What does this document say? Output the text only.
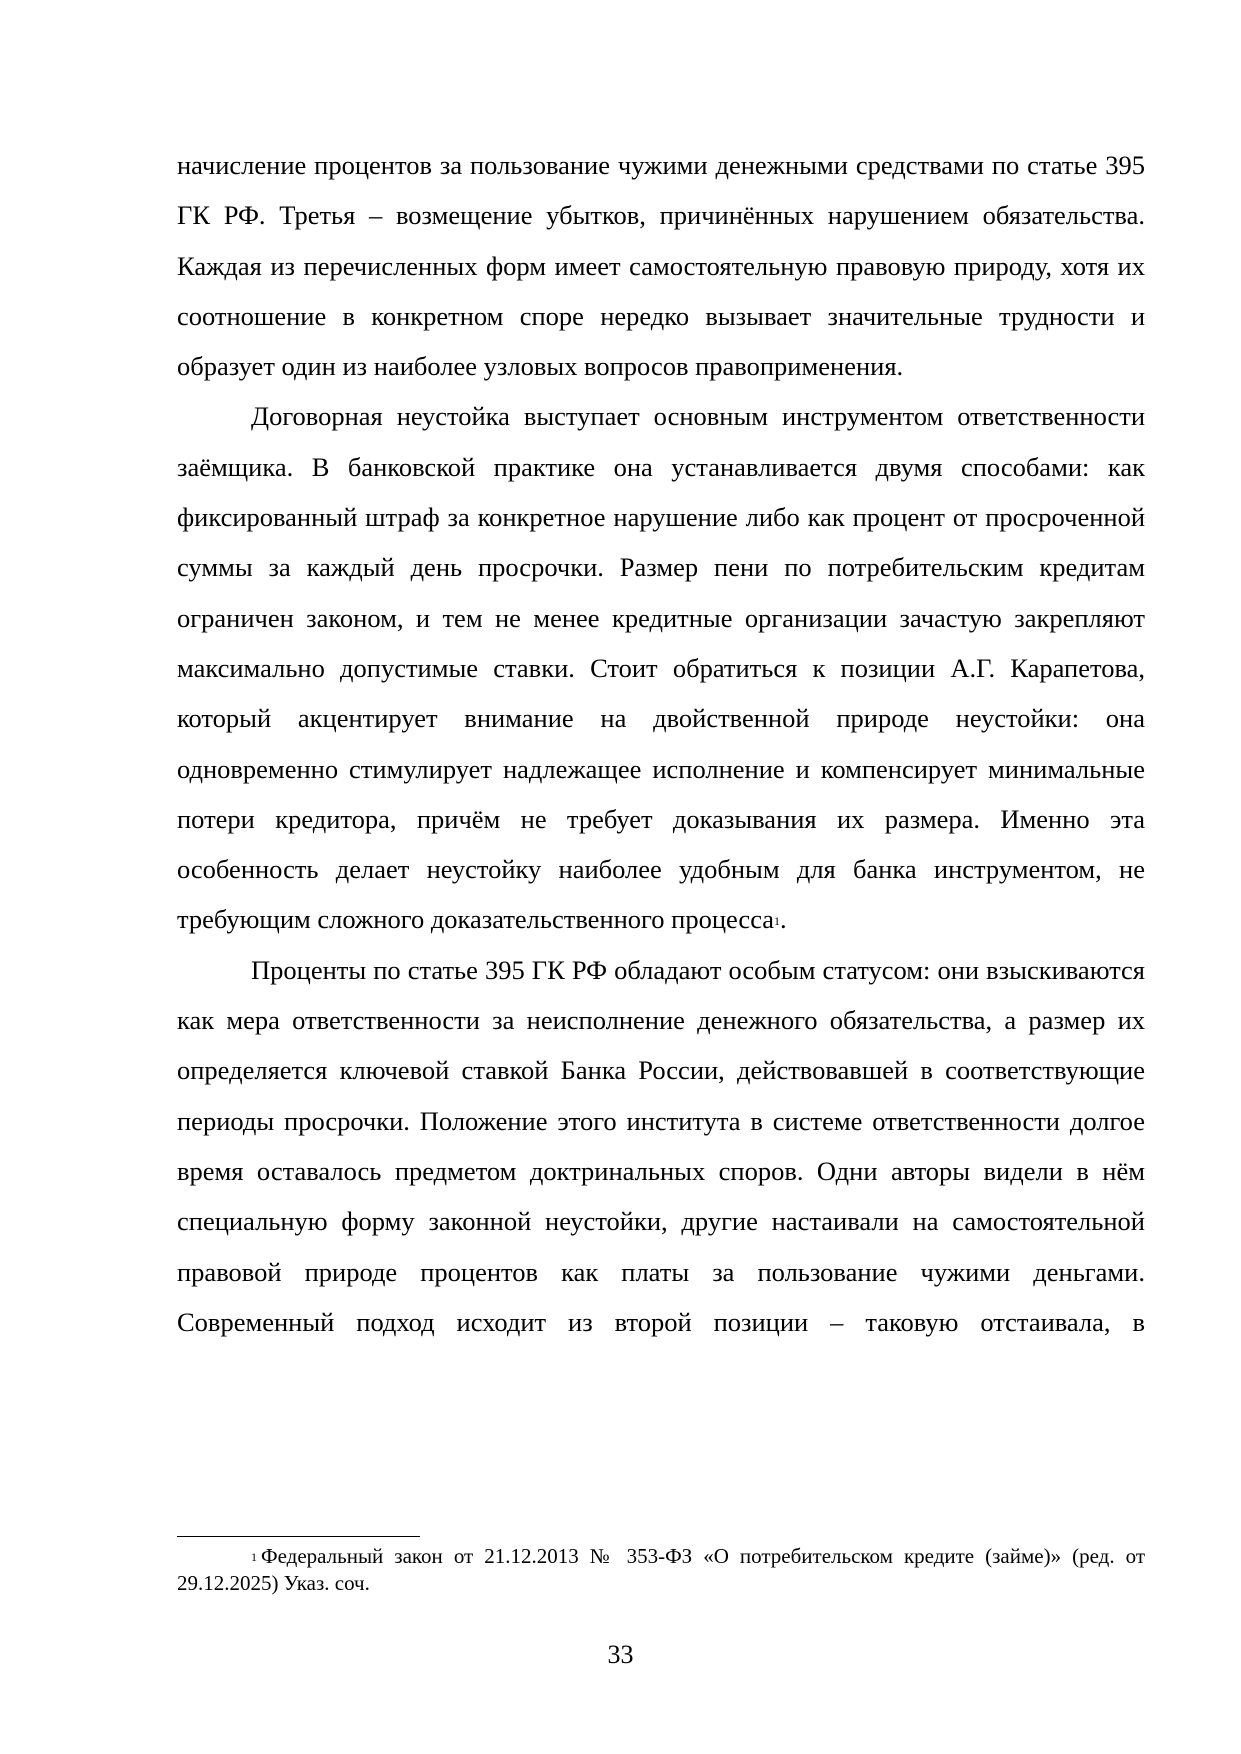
начисление процентов за пользование чужими денежными средствами по статье 395 ГК РФ. Третья – возмещение убытков, причинённых нарушением обязательства. Каждая из перечисленных форм имеет самостоятельную правовую природу, хотя их соотношение в конкретном споре нередко вызывает значительные трудности и образует один из наиболее узловых вопросов правоприменения.

Договорная неустойка выступает основным инструментом ответственности заёмщика. В банковской практике она устанавливается двумя способами: как фиксированный штраф за конкретное нарушение либо как процент от просроченной суммы за каждый день просрочки. Размер пени по потребительским кредитам ограничен законом, и тем не менее кредитные организации зачастую закрепляют максимально допустимые ставки. Стоит обратиться к позиции А.Г. Карапетова, который акцентирует внимание на двойственной природе неустойки: она одновременно стимулирует надлежащее исполнение и компенсирует минимальные потери кредитора, причём не требует доказывания их размера. Именно эта особенность делает неустойку наиболее удобным для банка инструментом, не требующим сложного доказательственного процесса$^1$.

Проценты по статье 395 ГК РФ обладают особым статусом: они взыскиваются как мера ответственности за неисполнение денежного обязательства, а размер их определяется ключевой ставкой Банка России, действовавшей в соответствующие периоды просрочки. Положение этого института в системе ответственности долгое время оставалось предметом доктринальных споров. Одни авторы видели в нём специальную форму законной неустойки, другие настаивали на самостоятельной правовой природе процентов как платы за пользование чужими деньгами. Современный подход исходит из второй позиции – таковую отстаивала, в

$^1$ Федеральный закон от 21.12.2013 № 353-ФЗ «О потребительском кредите (займе)» (ред. от 29.12.2025) Указ. соч.

33
